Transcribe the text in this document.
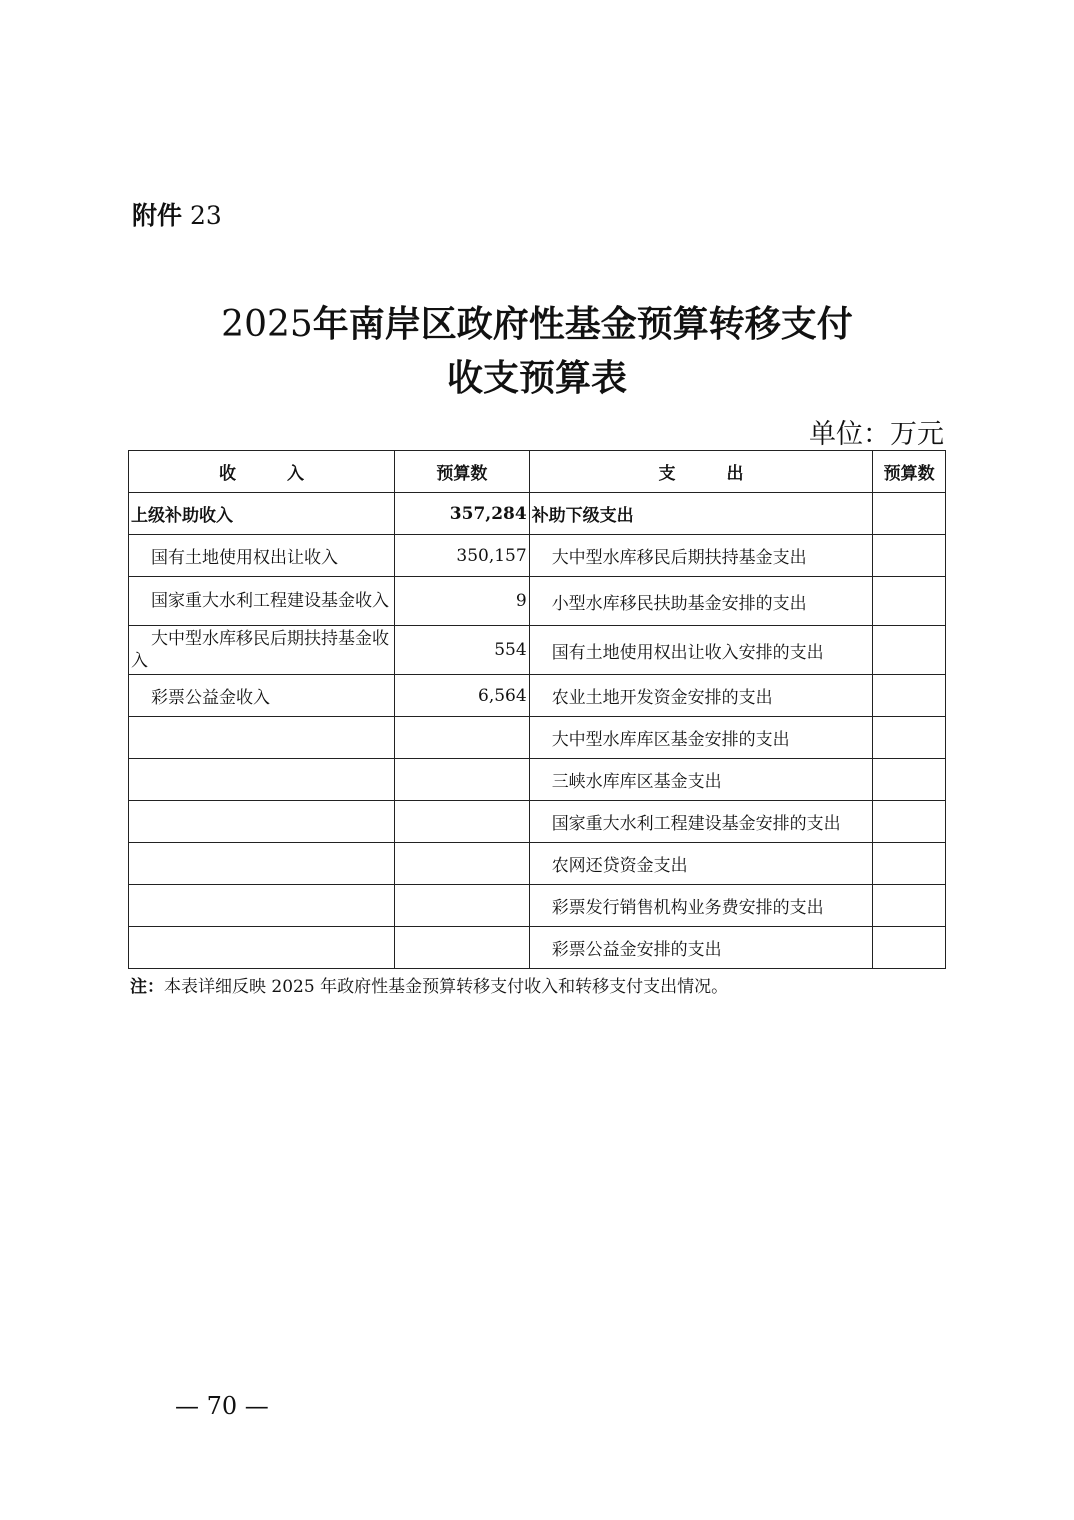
附件 23
2025年南岸区政府性基金预算转移支付
收支预算表
单位：万元
收　　　入	预算数	支　　　出	预算数
上级补助收入	357,284	补助下级支出	
国有土地使用权出让收入	350,157	大中型水库移民后期扶持基金支出	
国家重大水利工程建设基金收入	9	小型水库移民扶助基金安排的支出	
大中型水库移民后期扶持基金收入	554	国有土地使用权出让收入安排的支出	
彩票公益金收入	6,564	农业土地开发资金安排的支出	
		大中型水库库区基金安排的支出	
		三峡水库库区基金支出	
		国家重大水利工程建设基金安排的支出	
		农网还贷资金支出	
		彩票发行销售机构业务费安排的支出	
		彩票公益金安排的支出	
注：本表详细反映 2025 年政府性基金预算转移支付收入和转移支付支出情况。
— 70 —
